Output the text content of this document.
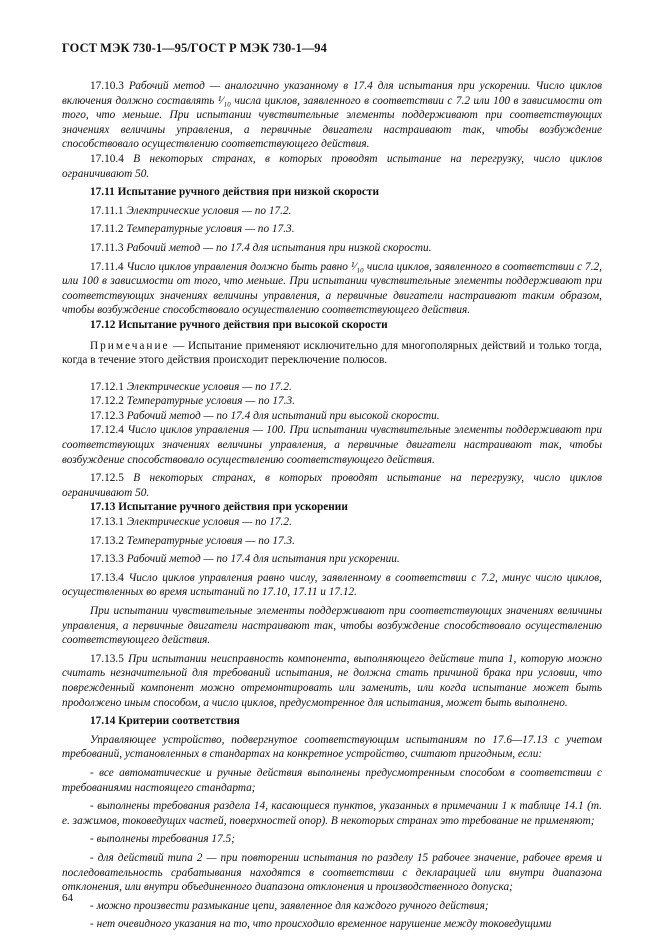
ГОСТ МЭК 730-1—95/ГОСТ Р МЭК 730-1—94

17.10.3 Рабочий метод — аналогично указанному в 17.4 для испытания при ускорении. Число циклов включения должно составлять ¹⁄₁₀ числа циклов, заявленного в соответствии с 7.2 или 100 в зависимости от того, что меньше. При испытании чувствительные элементы поддерживают при соответствующих значениях величины управления, а первичные двигатели настраивают так, чтобы возбуждение способствовало осуществлению соответствующего действия.

17.10.4 В некоторых странах, в которых проводят испытание на перегрузку, число циклов ограничивают 50.

17.11 Испытание ручного действия при низкой скорости

17.11.1 Электрические условия — по 17.2.

17.11.2 Температурные условия — по 17.3.

17.11.3 Рабочий метод — по 17.4 для испытания при низкой скорости.

17.11.4 Число циклов управления должно быть равно ¹⁄₁₀ числа циклов, заявленного в соответствии с 7.2, или 100 в зависимости от того, что меньше. При испытании чувствительные элементы поддерживают при соответствующих значениях величины управления, а первичные двигатели настраивают таким образом, чтобы возбуждение способствовало осуществлению соответствующего действия.

17.12 Испытание ручного действия при высокой скорости

Примечание — Испытание применяют исключительно для многополярных действий и только тогда, когда в течение этого действия происходит переключение полюсов.

17.12.1 Электрические условия — по 17.2.

17.12.2 Температурные условия — по 17.3.

17.12.3 Рабочий метод — по 17.4 для испытаний при высокой скорости.

17.12.4 Число циклов управления — 100. При испытании чувствительные элементы поддерживают при соответствующих значениях величины управления, а первичные двигатели настраивают так, чтобы возбуждение способствовало осуществлению соответствующего действия.

17.12.5 В некоторых странах, в которых проводят испытание на перегрузку, число циклов ограничивают 50.

17.13 Испытание ручного действия при ускорении

17.13.1 Электрические условия — по 17.2.

17.13.2 Температурные условия — по 17.3.

17.13.3 Рабочий метод — по 17.4 для испытания при ускорении.

17.13.4 Число циклов управления равно числу, заявленному в соответствии с 7.2, минус число циклов, осуществленных во время испытаний по 17.10, 17.11 и 17.12.

При испытании чувствительные элементы поддерживают при соответствующих значениях величины управления, а первичные двигатели настраивают так, чтобы возбуждение способствовало осуществлению соответствующего действия.

17.13.5 При испытании неисправность компонента, выполняющего действие типа 1, которую можно считать незначительной для требований испытания, не должна стать причиной брака при условии, что поврежденный компонент можно отремонтировать или заменить, или когда испытание может быть продолжено иным способом, а число циклов, предусмотренное для испытания, может быть выполнено.

17.14 Критерии соответствия

Управляющее устройство, подвергнутое соответствующим испытаниям по 17.6—17.13 с учетом требований, установленных в стандартах на конкретное устройство, считают пригодным, если:

- все автоматические и ручные действия выполнены предусмотренным способом в соответствии с требованиями настоящего стандарта;

- выполнены требования раздела 14, касающиеся пунктов, указанных в примечании 1 к таблице 14.1 (т. е. зажимов, токоведущих частей, поверхностей опор). В некоторых странах это требование не применяют;

- выполнены требования 17.5;

- для действий типа 2 — при повторении испытания по разделу 15 рабочее значение, рабочее время и последовательность срабатывания находятся в соответствии с декларацией или внутри диапазона отклонения, или внутри объединенного диапазона отклонения и производственного допуска;

- можно произвести размыкание цепи, заявленное для каждого ручного действия;

- нет очевидного указания на то, что происходило временное нарушение между токоведущими

64
